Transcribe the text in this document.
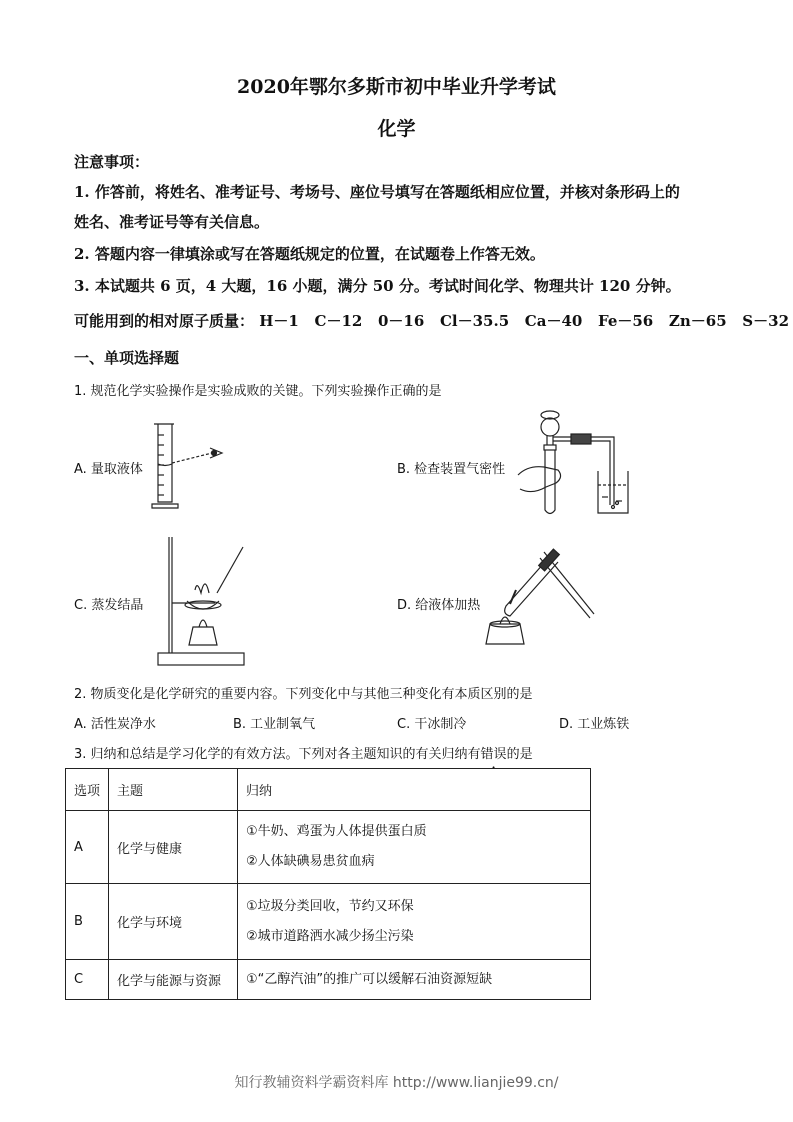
2020年鄂尔多斯市初中毕业升学考试
化学
注意事项：
1. 作答前，将姓名、准考证号、考场号、座位号填写在答题纸相应位置，并核对条形码上的
姓名、准考证号等有关信息。
2. 答题内容一律填涂或写在答题纸规定的位置，在试题卷上作答无效。
3. 本试题共 6 页，4 大题，16 小题，满分 50 分。考试时间化学、物理共计 120 分钟。
可能用到的相对原子质量： H－1   C－12   0－16   Cl－35.5   Ca－40   Fe－56   Zn－65   S－32
一、单项选择题
1. 规范化学实验操作是实验成败的关键。下列实验操作正确的是
A. 量取液体	B. 检查装置气密性
C. 蒸发结晶	D. 给液体加热
2. 物质变化是化学研究的重要内容。下列变化中与其他三种变化有本质区别的是
A. 活性炭净水	B. 工业制氧气	C. 干冰制冷	D. 工业炼铁
3. 归纳和总结是学习化学的有效方法。下列对各主题知识的有关归纳有错误的是
选项	主题	归纳
A	化学与健康	①牛奶、鸡蛋为人体提供蛋白质
②人体缺碘易患贫血病

B	化学与环境	①垃圾分类回收，节约又环保
②城市道路洒水减少扬尘污染

C	化学与能源与资源	①“乙醇汽油”的推广可以缓解石油资源短缺
知行教辅资料学霸资料库 http://www.lianjie99.cn/
